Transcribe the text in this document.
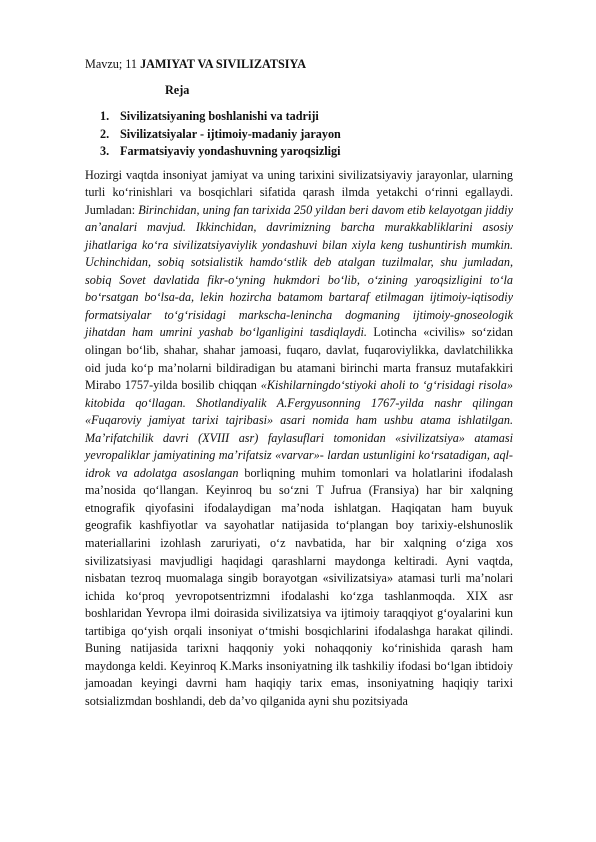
Mavzu; 11 JAMIYAT VA SIVILIZATSIYA

Reja

1. Sivilizatsiyaning boshlanishi va tadriji
2. Sivilizatsiyalar - ijtimoiy-madaniy jarayon
3. Farmatsiyaviy yondashuvning yaroqsizligi

Hozirgi vaqtda insoniyat jamiyat va uning tarixini sivilizatsiyaviy jarayonlar, ularning turli ko‘rinishlari va bosqichlari sifatida qarash ilmda yetakchi o‘rinni egallaydi. Jumladan: Birinchidan, uning fan tarixida 250 yildan beri davom etib kelayotgan jiddiy an’analari mavjud. Ikkinchidan, davrimizning barcha murakkabliklarini asosiy jihatlariga ko‘ra sivilizatsiyaviylik yondashuvi bilan xiyla keng tushuntirish mumkin. Uchinchidan, sobiq sotsialistik hamdo‘stlik deb atalgan tuzilmalar, shu jumladan, sobiq Sovet davlatida fikr-o‘yning hukmdori bo‘lib, o‘zining yaroqsizligini to‘la bo‘rsatgan bo‘lsa-da, lekin hozircha batamom bartaraf etilmagan ijtimoiy-iqtisodiy formatsiyalar to‘g‘risidagi markscha-lenincha dogmaning ijtimoiy-gnoseologik jihatdan ham umrini yashab bo‘lganligini tasdiqlaydi. Lotincha «civilis» so‘zidan olingan bo‘lib, shahar, shahar jamoasi, fuqaro, davlat, fuqaroviylikka, davlatchilikka oid juda ko‘p ma’nolarni bildiradigan bu atamani birinchi marta fransuz mutafakkiri Mirabo 1757-yilda bosilib chiqqan «Kishilarningdo‘stiyoki aholi to ‘g‘risidagi risola» kitobida qo‘llagan. Shotlandiyalik A.Fergyusonning 1767-yilda nashr qilingan «Fuqaroviy jamiyat tarixi tajribasi» asari nomida ham ushbu atama ishlatilgan. Ma’rifatchilik davri (XVIII asr) faylasuflari tomonidan «sivilizatsiya» atamasi yevropaliklar jamiyatining ma’rifatsiz «varvar»- lardan ustunligini ko‘rsatadigan, aql-idrok va adolatga asoslangan borliqning muhim tomonlari va holatlarini ifodalash ma’nosida qo‘llangan. Keyinroq bu so‘zni T Jufrua (Fransiya) har bir xalqning etnografik qiyofasini ifodalaydigan ma’noda ishlatgan. Haqiqatan ham buyuk geografik kashfiyotlar va sayohatlar natijasida to‘plangan boy tarixiy-elshunoslik materiallarini izohlash zaruriyati, o‘z navbatida, har bir xalqning o‘ziga xos sivilizatsiyasi mavjudligi haqidagi qarashlarni maydonga keltiradi. Ayni vaqtda, nisbatan tezroq muomalaga singib borayotgan «sivilizatsiya» atamasi turli ma’nolari ichida ko‘proq yevropotsentrizmni ifodalashi ko‘zga tashlanmoqda. XIX asr boshlaridan Yevropa ilmi doirasida sivilizatsiya va ijtimoiy taraqqiyot g‘oyalarini kun tartibiga qo‘yish orqali insoniyat o‘tmishi bosqichlarini ifodalashga harakat qilindi. Buning natijasida tarixni haqqoniy yoki nohaqqoniy ko‘rinishida qarash ham maydonga keldi. Keyinroq K.Marks insoniyatning ilk tashkiliy ifodasi bo‘lgan ibtidoiy jamoadan keyingi davrni ham haqiqiy tarix emas, insoniyatning haqiqiy tarixi sotsializmdan boshlandi, deb da’vo qilganida ayni shu pozitsiyada
